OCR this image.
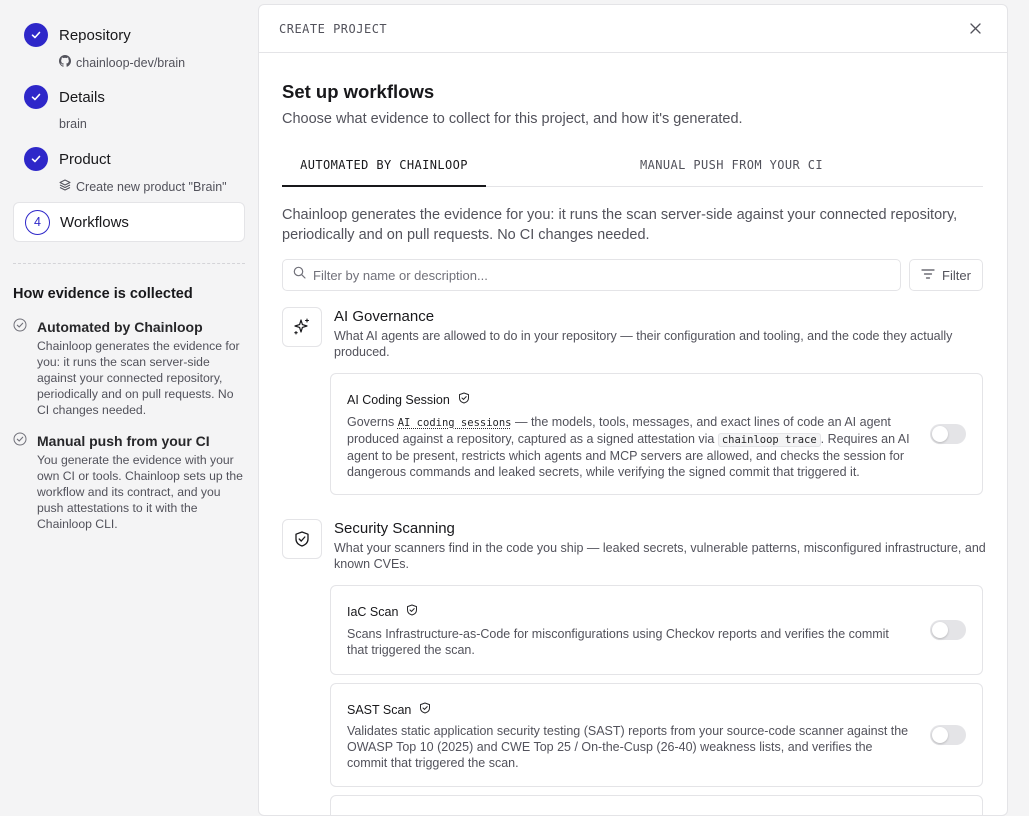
Repository
chainloop-dev/brain
Details
brain
Product
Create new product "Brain"
4	Workflows
How evidence is collected
Automated by Chainloop
Chainloop generates the evidence for you: it runs the scan server-side against your connected repository, periodically and on pull requests. No CI changes needed.
Manual push from your CI
You generate the evidence with your own CI or tools. Chainloop sets up the workflow and its contract, and you push attestations to it with the Chainloop CLI.
CREATE PROJECT
Set up workflows
Choose what evidence to collect for this project, and how it's generated.
AUTOMATED BY CHAINLOOP	MANUAL PUSH FROM YOUR CI
Chainloop generates the evidence for you: it runs the scan server-side against your connected repository, periodically and on pull requests. No CI changes needed.
Filter by name or description...
Filter
AI Governance
What AI agents are allowed to do in your repository — their configuration and tooling, and the code they actually produced.
AI Coding Session
Governs AI coding sessions — the models, tools, messages, and exact lines of code an AI agent produced against a repository, captured as a signed attestation via chainloop trace . Requires an AI agent to be present, restricts which agents and MCP servers are allowed, and checks the session for dangerous commands and leaked secrets, while verifying the signed commit that triggered it.
Security Scanning
What your scanners find in the code you ship — leaked secrets, vulnerable patterns, misconfigured infrastructure, and known CVEs.
IaC Scan
Scans Infrastructure-as-Code for misconfigurations using Checkov reports and verifies the commit that triggered the scan.
SAST Scan
Validates static application security testing (SAST) reports from your source-code scanner against the OWASP Top 10 (2025) and CWE Top 25 / On-the-Cusp (26-40) weakness lists, and verifies the commit that triggered the scan.
